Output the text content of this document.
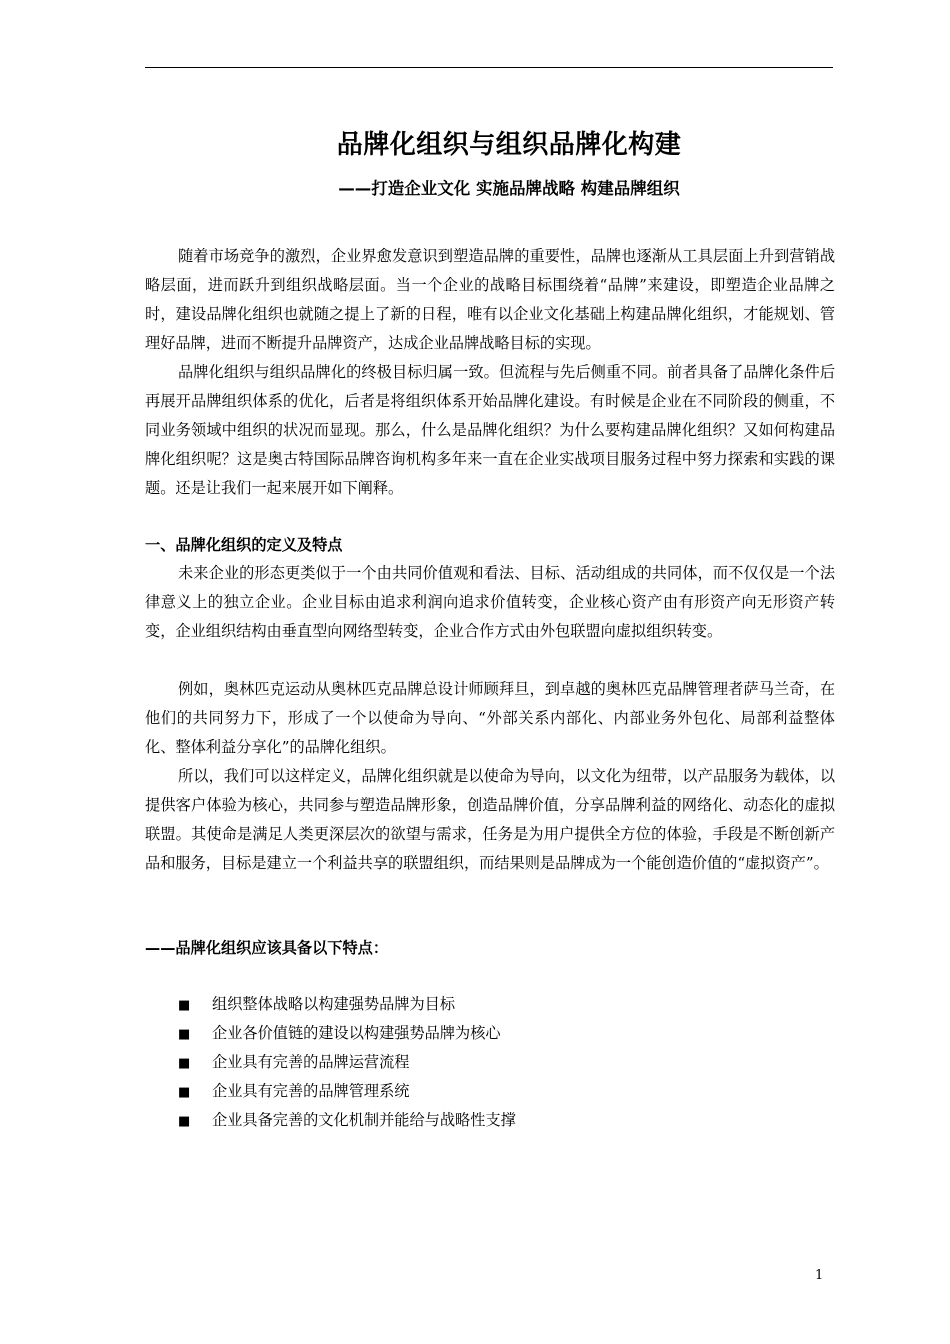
品牌化组织与组织品牌化构建
——打造企业文化 实施品牌战略 构建品牌组织
随着市场竞争的激烈，企业界愈发意识到塑造品牌的重要性，品牌也逐渐从工具层面上升到营销战略层面，进而跃升到组织战略层面。当一个企业的战略目标围绕着“品牌”来建设，即塑造企业品牌之时，建设品牌化组织也就随之提上了新的日程，唯有以企业文化基础上构建品牌化组织，才能规划、管理好品牌，进而不断提升品牌资产，达成企业品牌战略目标的实现。
品牌化组织与组织品牌化的终极目标归属一致。但流程与先后侧重不同。前者具备了品牌化条件后再展开品牌组织体系的优化，后者是将组织体系开始品牌化建设。有时候是企业在不同阶段的侧重，不同业务领域中组织的状况而显现。那么，什么是品牌化组织？为什么要构建品牌化组织？又如何构建品牌化组织呢？这是奥古特国际品牌咨询机构多年来一直在企业实战项目服务过程中努力探索和实践的课题。还是让我们一起来展开如下阐释。
一、品牌化组织的定义及特点
未来企业的形态更类似于一个由共同价值观和看法、目标、活动组成的共同体，而不仅仅是一个法律意义上的独立企业。企业目标由追求利润向追求价值转变，企业核心资产由有形资产向无形资产转变，企业组织结构由垂直型向网络型转变，企业合作方式由外包联盟向虚拟组织转变。
例如，奥林匹克运动从奥林匹克品牌总设计师顾拜旦，到卓越的奥林匹克品牌管理者萨马兰奇，在他们的共同努力下，形成了一个以使命为导向、“外部关系内部化、内部业务外包化、局部利益整体化、整体利益分享化”的品牌化组织。
所以，我们可以这样定义，品牌化组织就是以使命为导向，以文化为纽带，以产品服务为载体，以提供客户体验为核心，共同参与塑造品牌形象，创造品牌价值，分享品牌利益的网络化、动态化的虚拟联盟。其使命是满足人类更深层次的欲望与需求，任务是为用户提供全方位的体验，手段是不断创新产品和服务，目标是建立一个利益共享的联盟组织，而结果则是品牌成为一个能创造价值的“虚拟资产”。
——品牌化组织应该具备以下特点：
■ 组织整体战略以构建强势品牌为目标
■ 企业各价值链的建设以构建强势品牌为核心
■ 企业具有完善的品牌运营流程
■ 企业具有完善的品牌管理系统
■ 企业具备完善的文化机制并能给与战略性支撑
1
